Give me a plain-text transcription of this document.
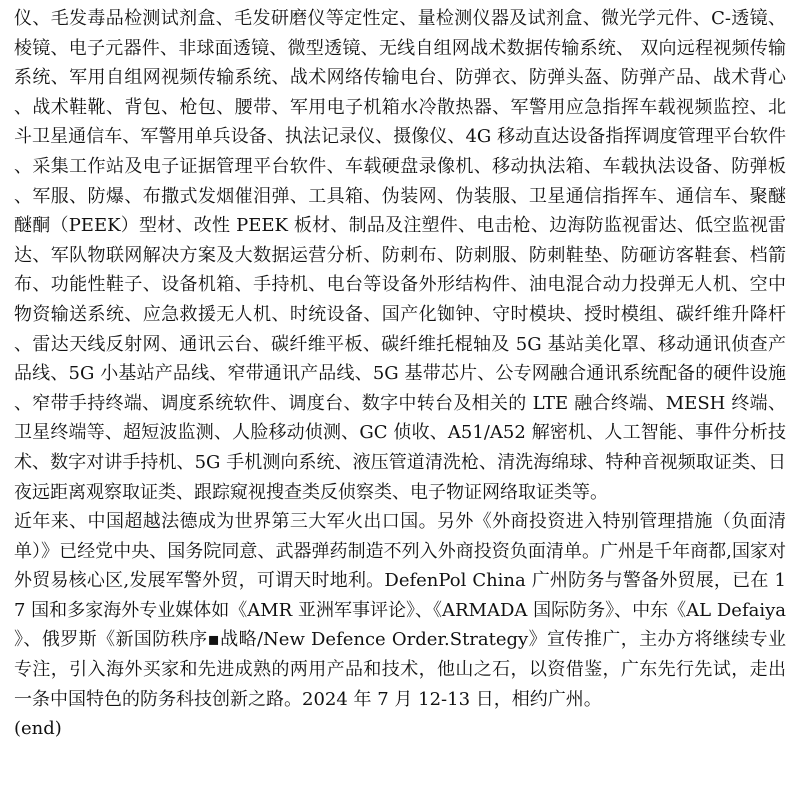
仪、毛发毒品检测试剂盒、毛发研磨仪等定性定、量检测仪器及试剂盒、微光学元件、C-透镜、棱镜、电子元器件、非球面透镜、微型透镜、无线自组网战术数据传输系统、 双向远程视频传输系统、军用自组网视频传输系统、战术网络传输电台、防弹衣、防弹头盔、防弹产品、战术背心、战术鞋靴、背包、枪包、腰带、军用电子机箱水冷散热器、军警用应急指挥车载视频监控、北斗卫星通信车、军警用单兵设备、执法记录仪、摄像仪、4G 移动直达设备指挥调度管理平台软件、采集工作站及电子证据管理平台软件、车载硬盘录像机、移动执法箱、车载执法设备、防弹板、军服、防爆、布撒式发烟催泪弹、工具箱、伪装网、伪装服、卫星通信指挥车、通信车、聚醚醚酮（PEEK）型材、改性 PEEK 板材、制品及注塑件、电击枪、边海防监视雷达、低空监视雷达、军队物联网解决方案及大数据运营分析、防刺布、防刺服、防刺鞋垫、防砸访客鞋套、档箭布、功能性鞋子、设备机箱、手持机、电台等设备外形结构件、油电混合动力投弹无人机、空中物资输送系统、应急救援无人机、时统设备、国产化铷钟、守时模块、授时模组、碳纤维升降杆、雷达天线反射网、通讯云台、碳纤维平板、碳纤维托棍轴及 5G 基站美化罩、移动通讯侦查产品线、5G 小基站产品线、窄带通讯产品线、5G 基带芯片、公专网融合通讯系统配备的硬件设施、窄带手持终端、调度系统软件、调度台、数字中转台及相关的 LTE 融合终端、MESH 终端、卫星终端等、超短波监测、人脸移动侦测、GC 侦收、A51/A52 解密机、人工智能、事件分析技术、数字对讲手持机、5G 手机测向系统、液压管道清洗枪、清洗海绵球、特种音视频取证类、日夜远距离观察取证类、跟踪窥视搜查类反侦察类、电子物证网络取证类等。

近年来、中国超越法德成为世界第三大军火出口国。另外《外商投资进入特别管理措施（负面清单）》已经党中央、国务院同意、武器弹药制造不列入外商投资负面清单。广州是千年商都,国家对外贸易核心区,发展军警外贸，可谓天时地利。DefenPol China 广州防务与警备外贸展，已在 17 国和多家海外专业媒体如《AMR 亚洲军事评论》、《ARMADA 国际防务》、中东《AL Defaiya》、俄罗斯《新国防秩序▪战略/New Defence Order.Strategy》宣传推广，主办方将继续专业专注，引入海外买家和先进成熟的两用产品和技术，他山之石，以资借鉴，广东先行先试，走出一条中国特色的防务科技创新之路。2024 年 7 月 12-13 日，相约广州。

(end)
